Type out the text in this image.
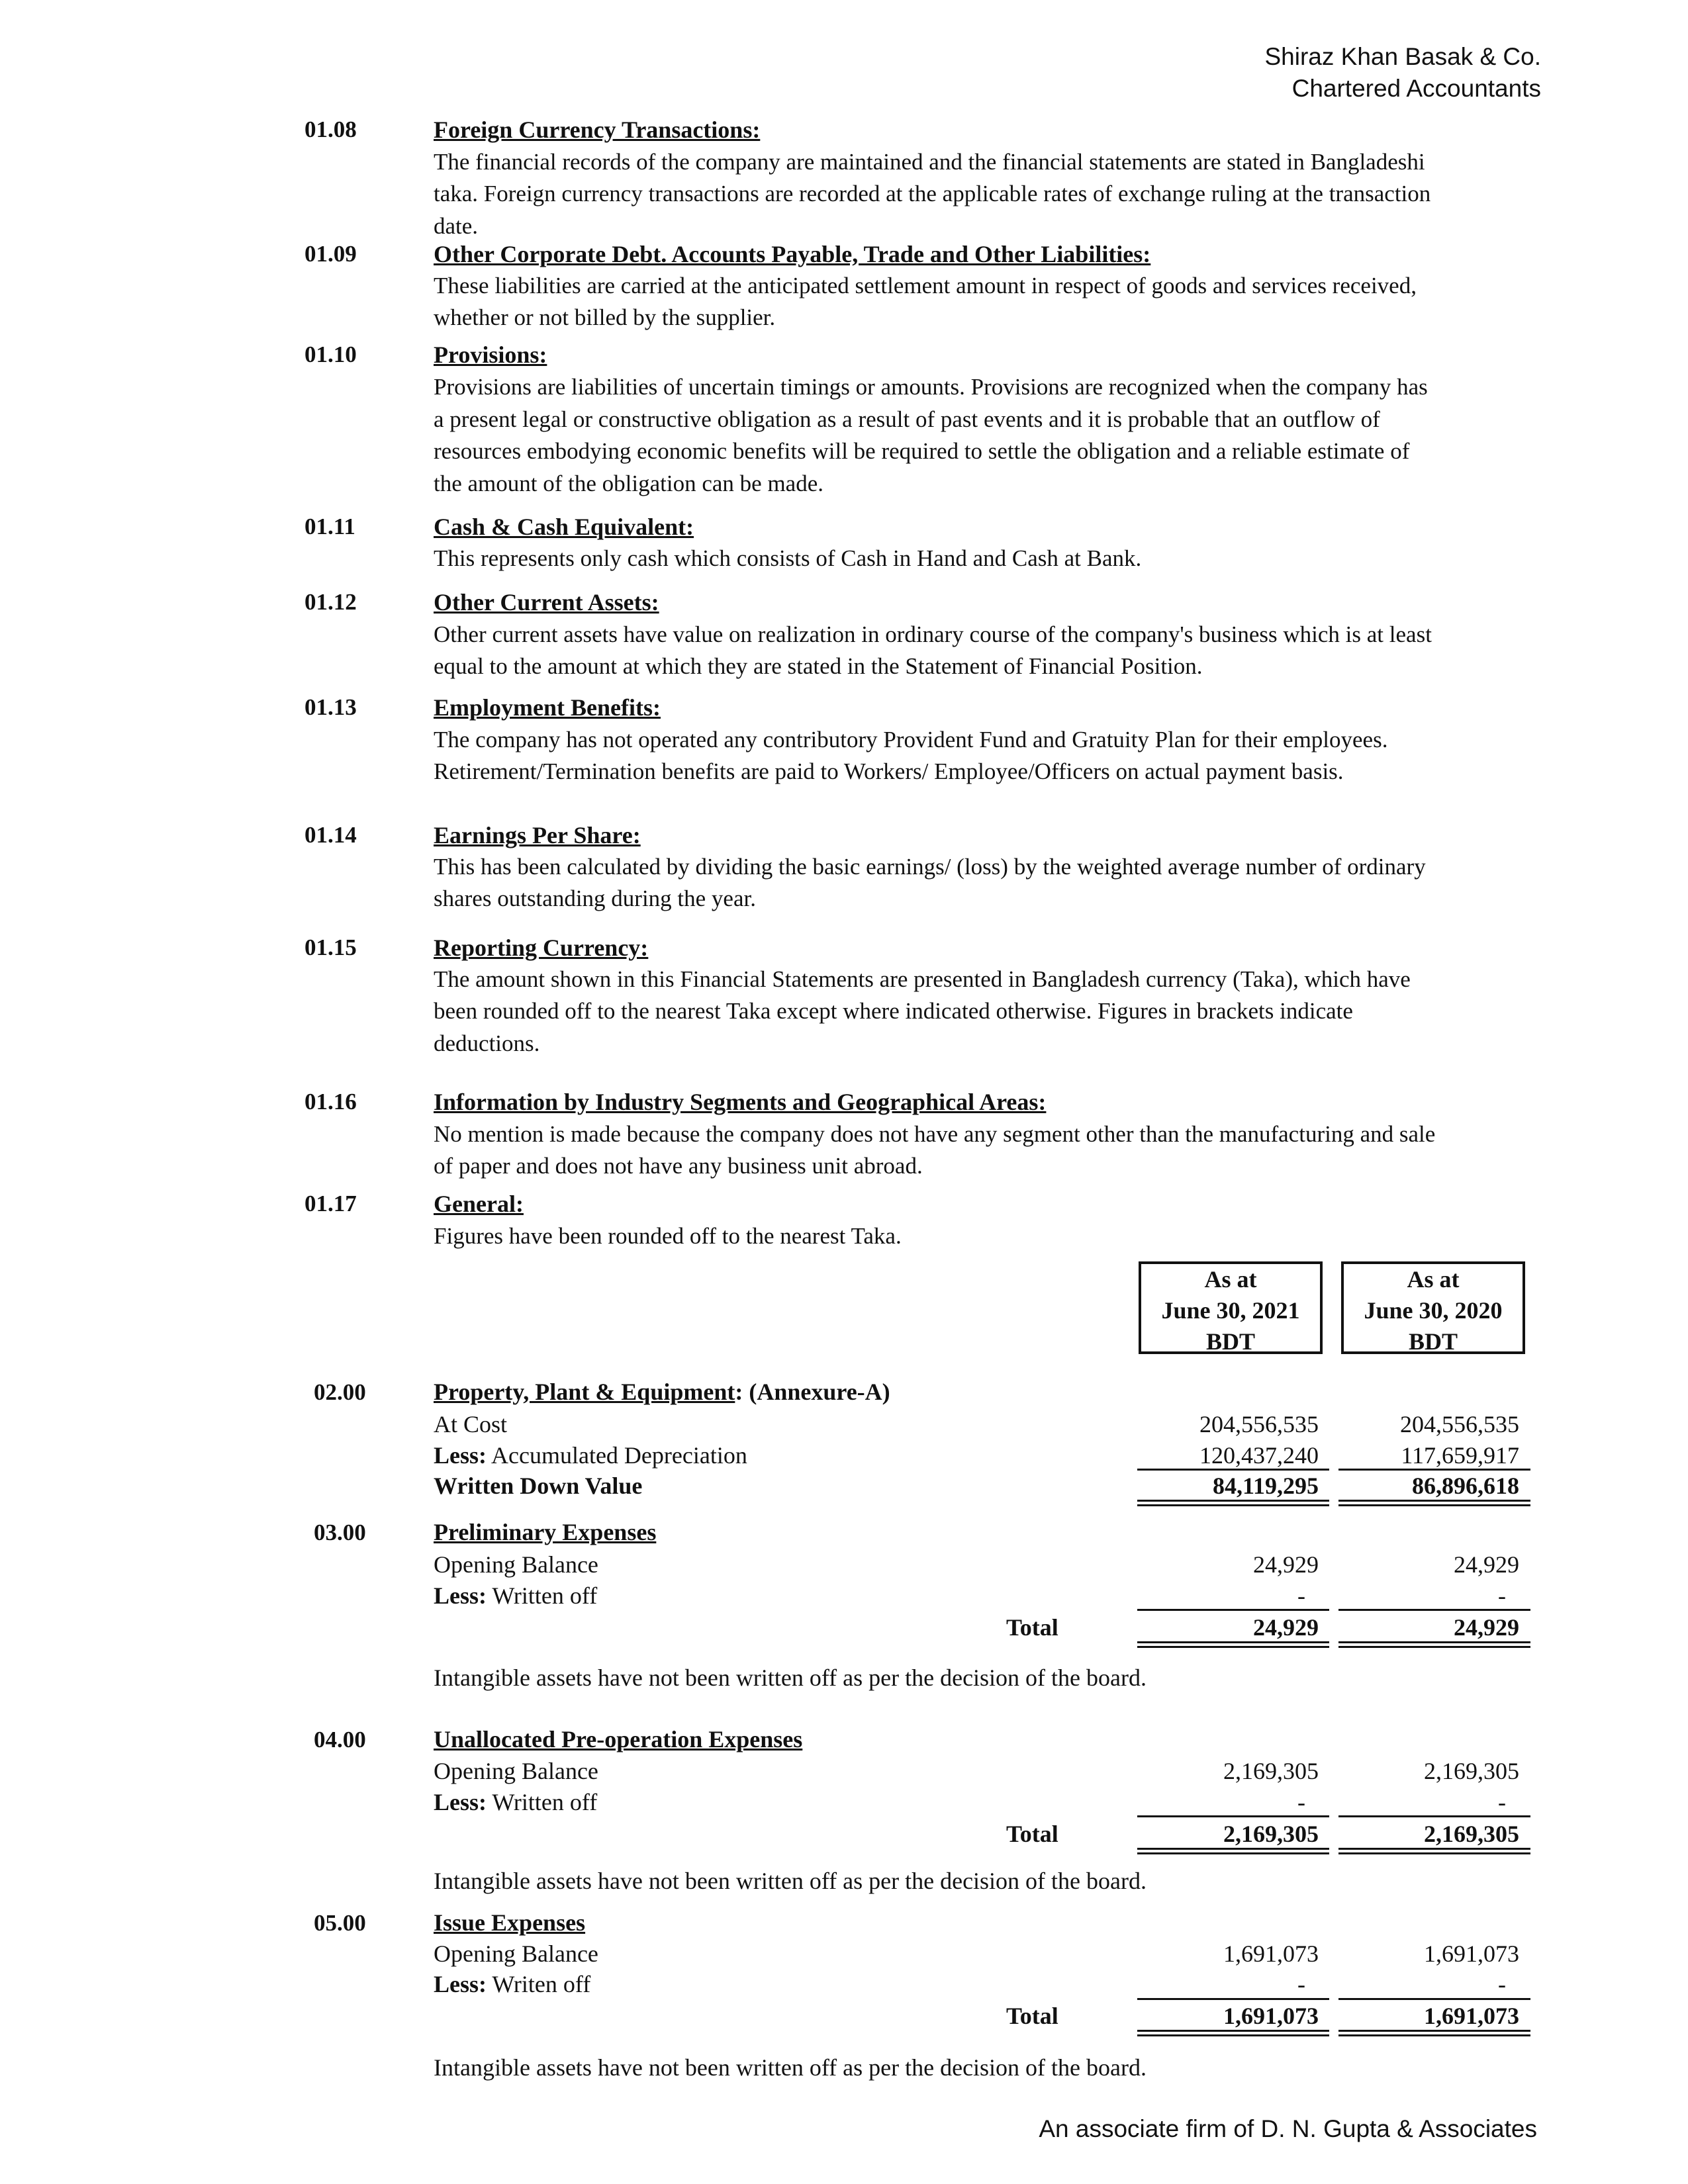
Shiraz Khan Basak & Co.
Chartered Accountants
01.08	Foreign Currency Transactions:
The financial records of the company are maintained and the financial statements are stated in Bangladeshi
taka. Foreign currency transactions are recorded at the applicable rates of exchange ruling at the transaction
date.
01.09	Other Corporate Debt. Accounts Payable, Trade and Other Liabilities:
These liabilities are carried at the anticipated settlement amount in respect of goods and services received,
whether or not billed by the supplier.
01.10	Provisions:
Provisions are liabilities of uncertain timings or amounts. Provisions are recognized when the company has
a present legal or constructive obligation as a result of past events and it is probable that an outflow of
resources embodying economic benefits will be required to settle the obligation and a reliable estimate of
the amount of the obligation can be made.
01.11	Cash & Cash Equivalent:
This represents only cash which consists of Cash in Hand and Cash at Bank.
01.12	Other Current Assets:
Other current assets have value on realization in ordinary course of the company's business which is at least
equal to the amount at which they are stated in the Statement of Financial Position.
01.13	Employment Benefits:
The company has not operated any contributory Provident Fund and Gratuity Plan for their employees.
Retirement/Termination benefits are paid to Workers/ Employee/Officers on actual payment basis.
01.14	Earnings Per Share:
This has been calculated by dividing the basic earnings/ (loss) by the weighted average number of ordinary
shares outstanding during the year.
01.15	Reporting Currency:
The amount shown in this Financial Statements are presented in Bangladesh currency (Taka), which have
been rounded off to the nearest Taka except where indicated otherwise. Figures in brackets indicate
deductions.
01.16	Information by Industry Segments and Geographical Areas:
No mention is made because the company does not have any segment other than the manufacturing and sale
of paper and does not have any business unit abroad.
01.17	General:
Figures have been rounded off to the nearest Taka.
As at
June 30, 2021
BDT
As at
June 30, 2020
BDT
02.00	Property, Plant & Equipment: (Annexure-A)
At Cost	204,556,535	204,556,535
Less: Accumulated Depreciation	120,437,240	117,659,917
Written Down Value	84,119,295	86,896,618
03.00	Preliminary Expenses
Opening Balance	24,929	24,929
Less: Written off	-	-
Total	24,929	24,929
Intangible assets have not been written off as per the decision of the board.
04.00	Unallocated Pre-operation Expenses
Opening Balance	2,169,305	2,169,305
Less: Written off	-	-
Total	2,169,305	2,169,305
Intangible assets have not been written off as per the decision of the board.
05.00	Issue Expenses
Opening Balance	1,691,073	1,691,073
Less: Writen off	-	-
Total	1,691,073	1,691,073
Intangible assets have not been written off as per the decision of the board.
An associate firm of D. N. Gupta & Associates
